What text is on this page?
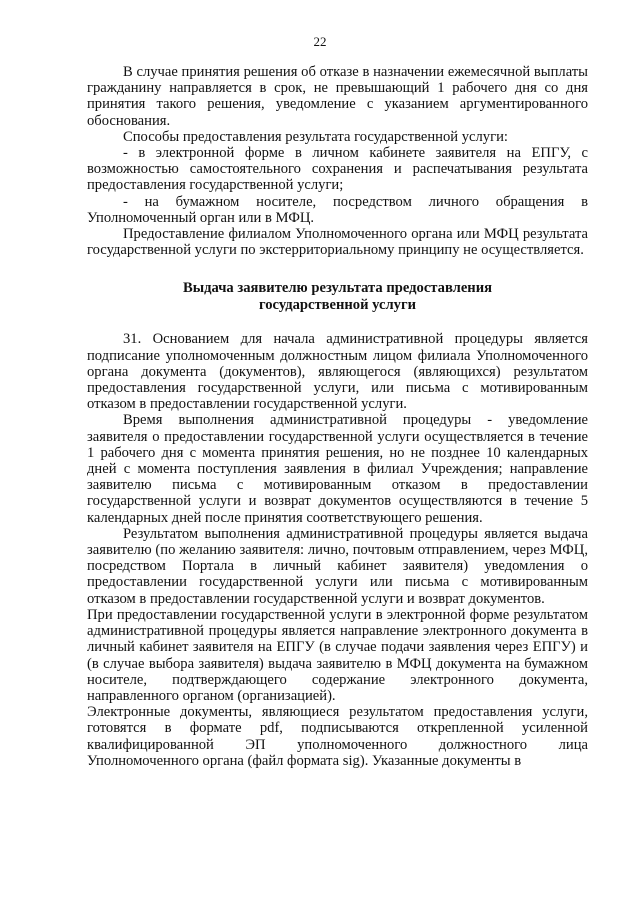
22

В случае принятия решения об отказе в назначении ежемесячной выплаты гражданину направляется в срок, не превышающий 1 рабочего дня со дня принятия такого решения, уведомление с указанием аргументированного обоснования.

Способы предоставления результата государственной услуги:

- в электронной форме в личном кабинете заявителя на ЕПГУ, с возможностью самостоятельного сохранения и распечатывания результата предоставления государственной услуги;

- на бумажном носителе, посредством личного обращения в Уполномоченный орган или в МФЦ.

Предоставление филиалом Уполномоченного органа или МФЦ результата государственной услуги по экстерриториальному принципу не осуществляется.

Выдача заявителю результата предоставления
государственной услуги

31. Основанием для начала административной процедуры является подписание уполномоченным должностным лицом филиала Уполномоченного органа документа (документов), являющегося (являющихся) результатом предоставления государственной услуги, или письма с мотивированным отказом в предоставлении государственной услуги.

Время выполнения административной процедуры - уведомление заявителя о предоставлении государственной услуги осуществляется в течение 1 рабочего дня с момента принятия решения, но не позднее 10 календарных дней с момента поступления заявления в филиал Учреждения; направление заявителю письма с мотивированным отказом в предоставлении государственной услуги и возврат документов осуществляются в течение 5 календарных дней после принятия соответствующего решения.

Результатом выполнения административной процедуры является выдача заявителю (по желанию заявителя: лично, почтовым отправлением, через МФЦ, посредством Портала в личный кабинет заявителя) уведомления о предоставлении государственной услуги или письма с мотивированным отказом в предоставлении государственной услуги и возврат документов.

При предоставлении государственной услуги в электронной форме результатом административной процедуры является направление электронного документа в личный кабинет заявителя на ЕПГУ (в случае подачи заявления через ЕПГУ) и (в случае выбора заявителя) выдача заявителю в МФЦ документа на бумажном носителе, подтверждающего содержание электронного документа, направленного органом (организацией).

Электронные документы, являющиеся результатом предоставления услуги, готовятся в формате pdf, подписываются открепленной усиленной квалифицированной ЭП уполномоченного должностного лица Уполномоченного органа (файл формата sig). Указанные документы в
